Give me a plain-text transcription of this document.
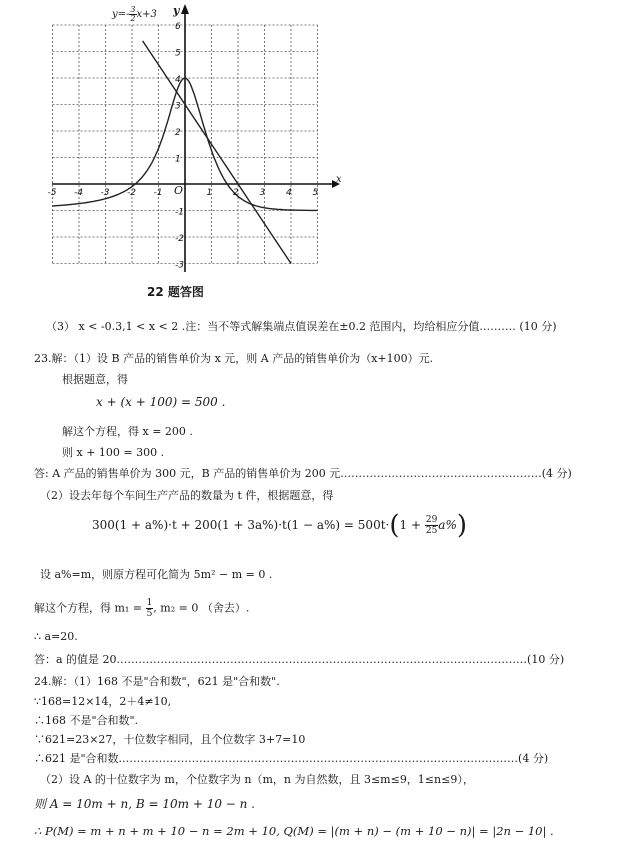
-5 -4 -3 -2 -1	1 2 3 4 5
6
5
4
3
2
1
-1
-2
-3
$y=- \frac{3}{2} x+3$ y
x
O
22 题答图
（3） x < -0.3,1 < x < 2 .注：当不等式解集端点值误差在±0.2 范围内，均给相应分值.……… (10 分)
23.解：（1）设 B 产品的销售单价为 x 元，则 A 产品的销售单价为（x+100）元.
根据题意，得
x + (x + 100) = 500 .
解这个方程，得 x = 200 .
则 x + 100 = 300 .
答: A 产品的销售单价为 300 元，B 产品的销售单价为 200 元.………………………………………………(4 分)
（2）设去年每个车间生产产品的数量为 t 件，根据题意，得
$300(1 + a\%)\cdot t + 200(1 + 3a\%)\cdot t(1 - a\%) = 500t\cdot(1 + \frac{29}{25} a\%)$
设 a%=m，则原方程可化简为 5m² − m = 0 .
解这个方程，得 $m_1 = \frac{1}{5}$ , m₂ = 0 （舍去）.
∴ a=20.
答：a 的值是 20.…………………………………………………………………………………………………(10 分)
24.解：（1）168 不是"合和数"，621 是"合和数".
∵168=12×14，2＋4≠10,
∴168 不是"合和数".
∵621=23×27，十位数字相同，且个位数字 3+7=10
∴621 是"合和数.………………………………………………………………………………………………(4 分)
（2）设 A 的十位数字为 m，个位数字为 n（m，n 为自然数，且 3≤m≤9，1≤n≤9），
则 A = 10m + n, B = 10m + 10 − n .
∴ P(M) = m + n + m + 10 − n = 2m + 10, Q(M) = |(m + n) − (m + 10 − n)| = |2n − 10| .
